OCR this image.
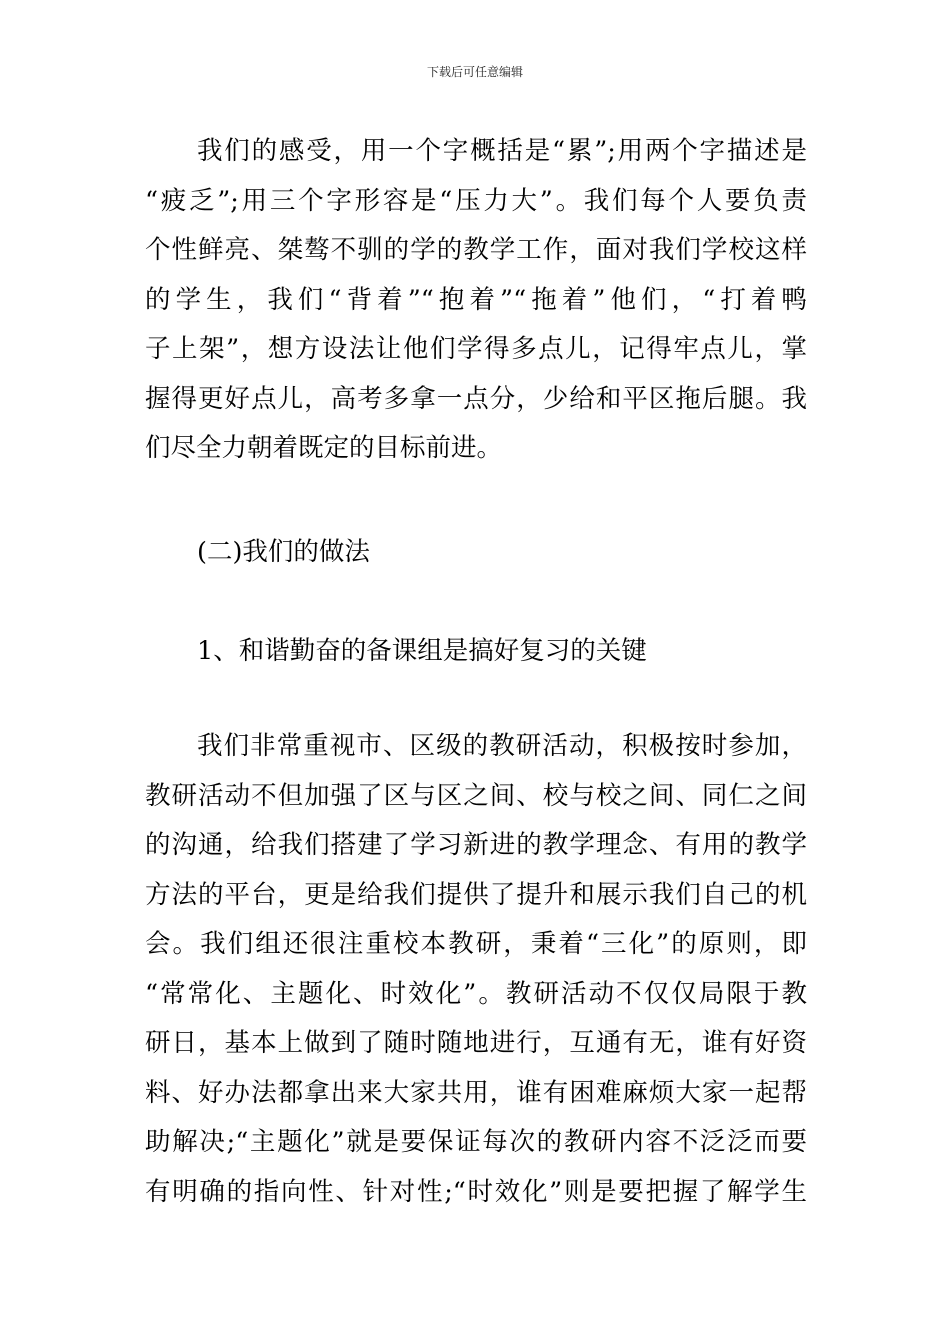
下载后可任意编辑
我们的感受，用一个字概括是“累”;用两个字描述是
“疲乏”;用三个字形容是“压力大”。我们每个人要负责
个性鲜亮、桀骜不驯的学的教学工作，面对我们学校这样
的学生，我们“背着”“抱着”“拖着”他们，“打着鸭
子上架”，想方设法让他们学得多点儿，记得牢点儿，掌
握得更好点儿，高考多拿一点分，少给和平区拖后腿。我
们尽全力朝着既定的目标前进。
(二)我们的做法
1、和谐勤奋的备课组是搞好复习的关键
我们非常重视市、区级的教研活动，积极按时参加，
教研活动不但加强了区与区之间、校与校之间、同仁之间
的沟通，给我们搭建了学习新进的教学理念、有用的教学
方法的平台，更是给我们提供了提升和展示我们自己的机
会。我们组还很注重校本教研，秉着“三化”的原则，即
“常常化、主题化、时效化”。教研活动不仅仅局限于教
研日，基本上做到了随时随地进行，互通有无，谁有好资
料、好办法都拿出来大家共用，谁有困难麻烦大家一起帮
助解决;“主题化”就是要保证每次的教研内容不泛泛而要
有明确的指向性、针对性;“时效化”则是要把握了解学生
